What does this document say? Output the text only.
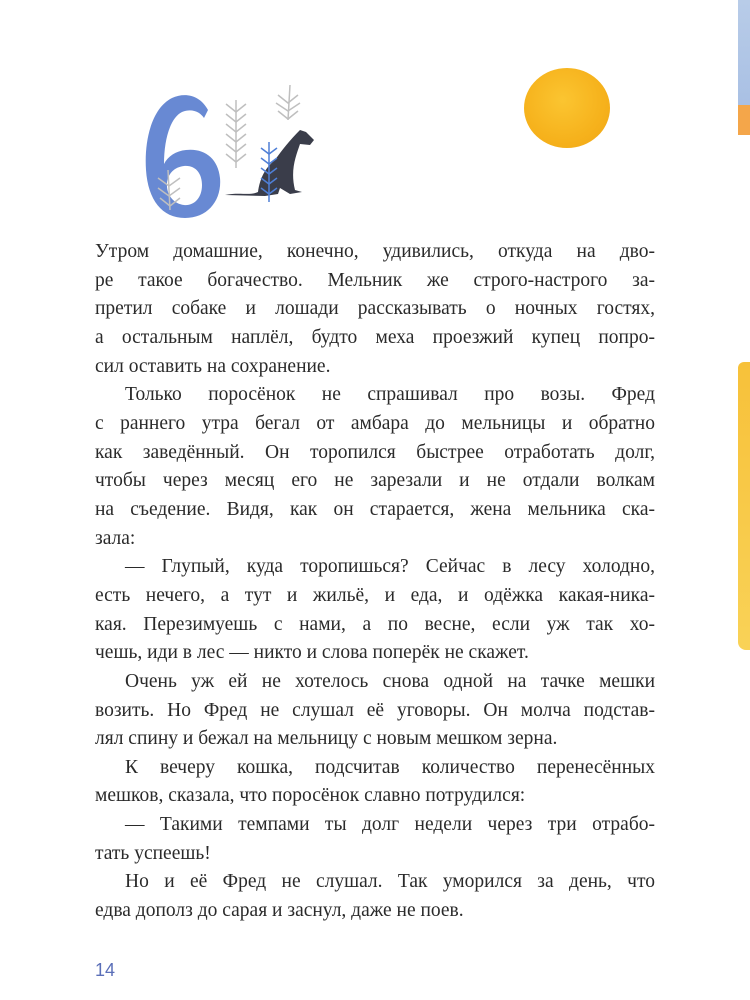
Утром домашние, конечно, удивились, откуда на дво-
ре такое богачество. Мельник же строго-настрого за-
претил собаке и лошади рассказывать о ночных гостях,
а остальным наплёл, будто меха проезжий купец попро-
сил оставить на сохранение.
Только поросёнок не спрашивал про возы. Фред
с раннего утра бегал от амбара до мельницы и обратно
как заведённый. Он торопился быстрее отработать долг,
чтобы через месяц его не зарезали и не отдали волкам
на съедение. Видя, как он старается, жена мельника ска-
зала:
— Глупый, куда торопишься? Сейчас в лесу холодно,
есть нечего, а тут и жильё, и еда, и одёжка какая-ника-
кая. Перезимуешь с нами, а по весне, если уж так хо-
чешь, иди в лес — никто и слова поперёк не скажет.
Очень уж ей не хотелось снова одной на тачке мешки
возить. Но Фред не слушал её уговоры. Он молча подстав-
лял спину и бежал на мельницу с новым мешком зерна.
К вечеру кошка, подсчитав количество перенесённых
мешков, сказала, что поросёнок славно потрудился:
— Такими темпами ты долг недели через три отрабо-
тать успеешь!
Но и её Фред не слушал. Так уморился за день, что
едва дополз до сарая и заснул, даже не поев.
14
